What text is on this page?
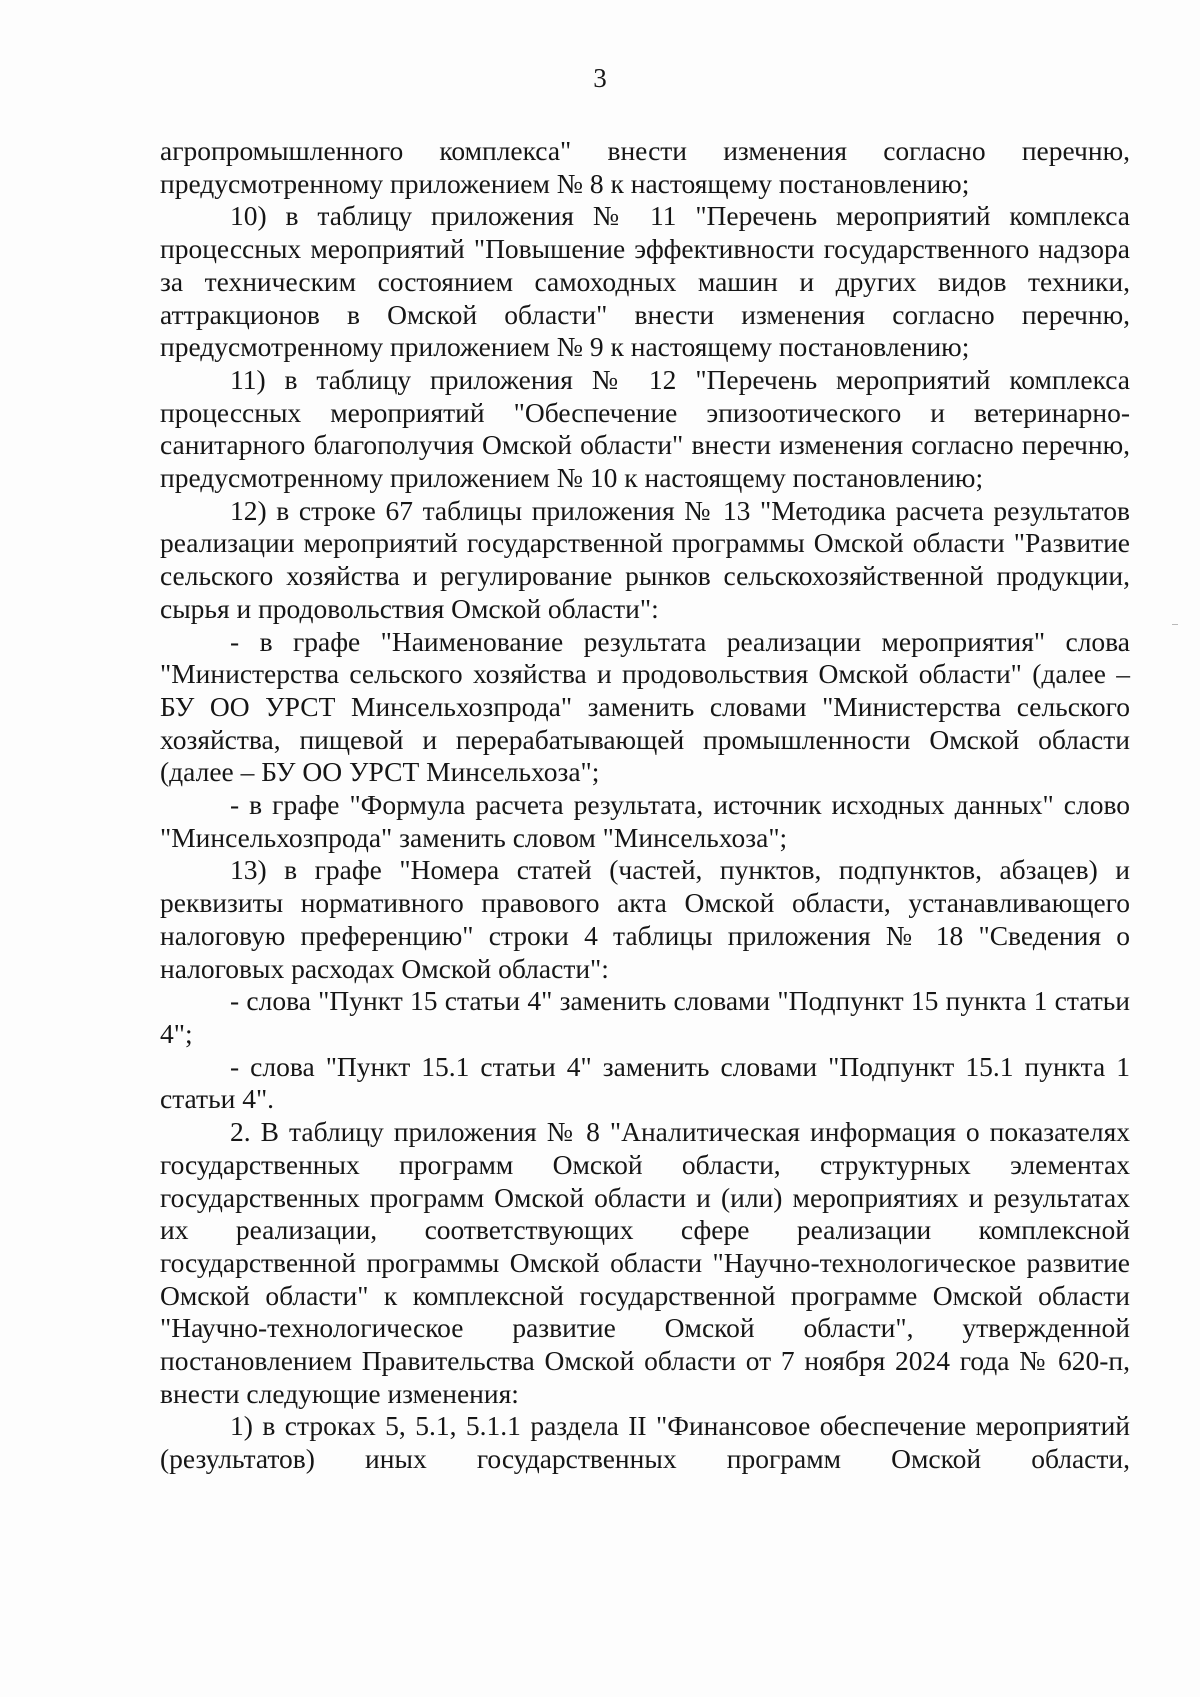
3

агропромышленного комплекса" внести изменения согласно перечню, предусмотренному приложением № 8 к настоящему постановлению;

10) в таблицу приложения № 11 "Перечень мероприятий комплекса процессных мероприятий "Повышение эффективности государственного надзора за техническим состоянием самоходных машин и других видов техники, аттракционов в Омской области" внести изменения согласно перечню, предусмотренному приложением № 9 к настоящему постановлению;

11) в таблицу приложения № 12 "Перечень мероприятий комплекса процессных мероприятий "Обеспечение эпизоотического и ветеринарно-санитарного благополучия Омской области" внести изменения согласно перечню, предусмотренному приложением № 10 к настоящему постановлению;

12) в строке 67 таблицы приложения № 13 "Методика расчета результатов реализации мероприятий государственной программы Омской области "Развитие сельского хозяйства и регулирование рынков сельскохозяйственной продукции, сырья и продовольствия Омской области":

- в графе "Наименование результата реализации мероприятия" слова "Министерства сельского хозяйства и продовольствия Омской области" (далее – БУ ОО УРСТ Минсельхозпрода" заменить словами "Министерства сельского хозяйства, пищевой и перерабатывающей промышленности Омской области (далее – БУ ОО УРСТ Минсельхоза";

- в графе "Формула расчета результата, источник исходных данных" слово "Минсельхозпрода" заменить словом "Минсельхоза";

13) в графе "Номера статей (частей, пунктов, подпунктов, абзацев) и реквизиты нормативного правового акта Омской области, устанавливающего налоговую преференцию" строки 4 таблицы приложения № 18 "Сведения о налоговых расходах Омской области":

- слова "Пункт 15 статьи 4" заменить словами "Подпункт 15 пункта 1 статьи 4";

- слова "Пункт 15.1 статьи 4" заменить словами "Подпункт 15.1 пункта 1 статьи 4".

2. В таблицу приложения № 8 "Аналитическая информация о показателях государственных программ Омской области, структурных элементах государственных программ Омской области и (или) мероприятиях и результатах их реализации, соответствующих сфере реализации комплексной государственной программы Омской области "Научно-технологическое развитие Омской области" к комплексной государственной программе Омской области "Научно-технологическое развитие Омской области", утвержденной постановлением Правительства Омской области от 7 ноября 2024 года № 620-п, внести следующие изменения:

1) в строках 5, 5.1, 5.1.1 раздела II "Финансовое обеспечение мероприятий (результатов) иных государственных программ Омской области,
